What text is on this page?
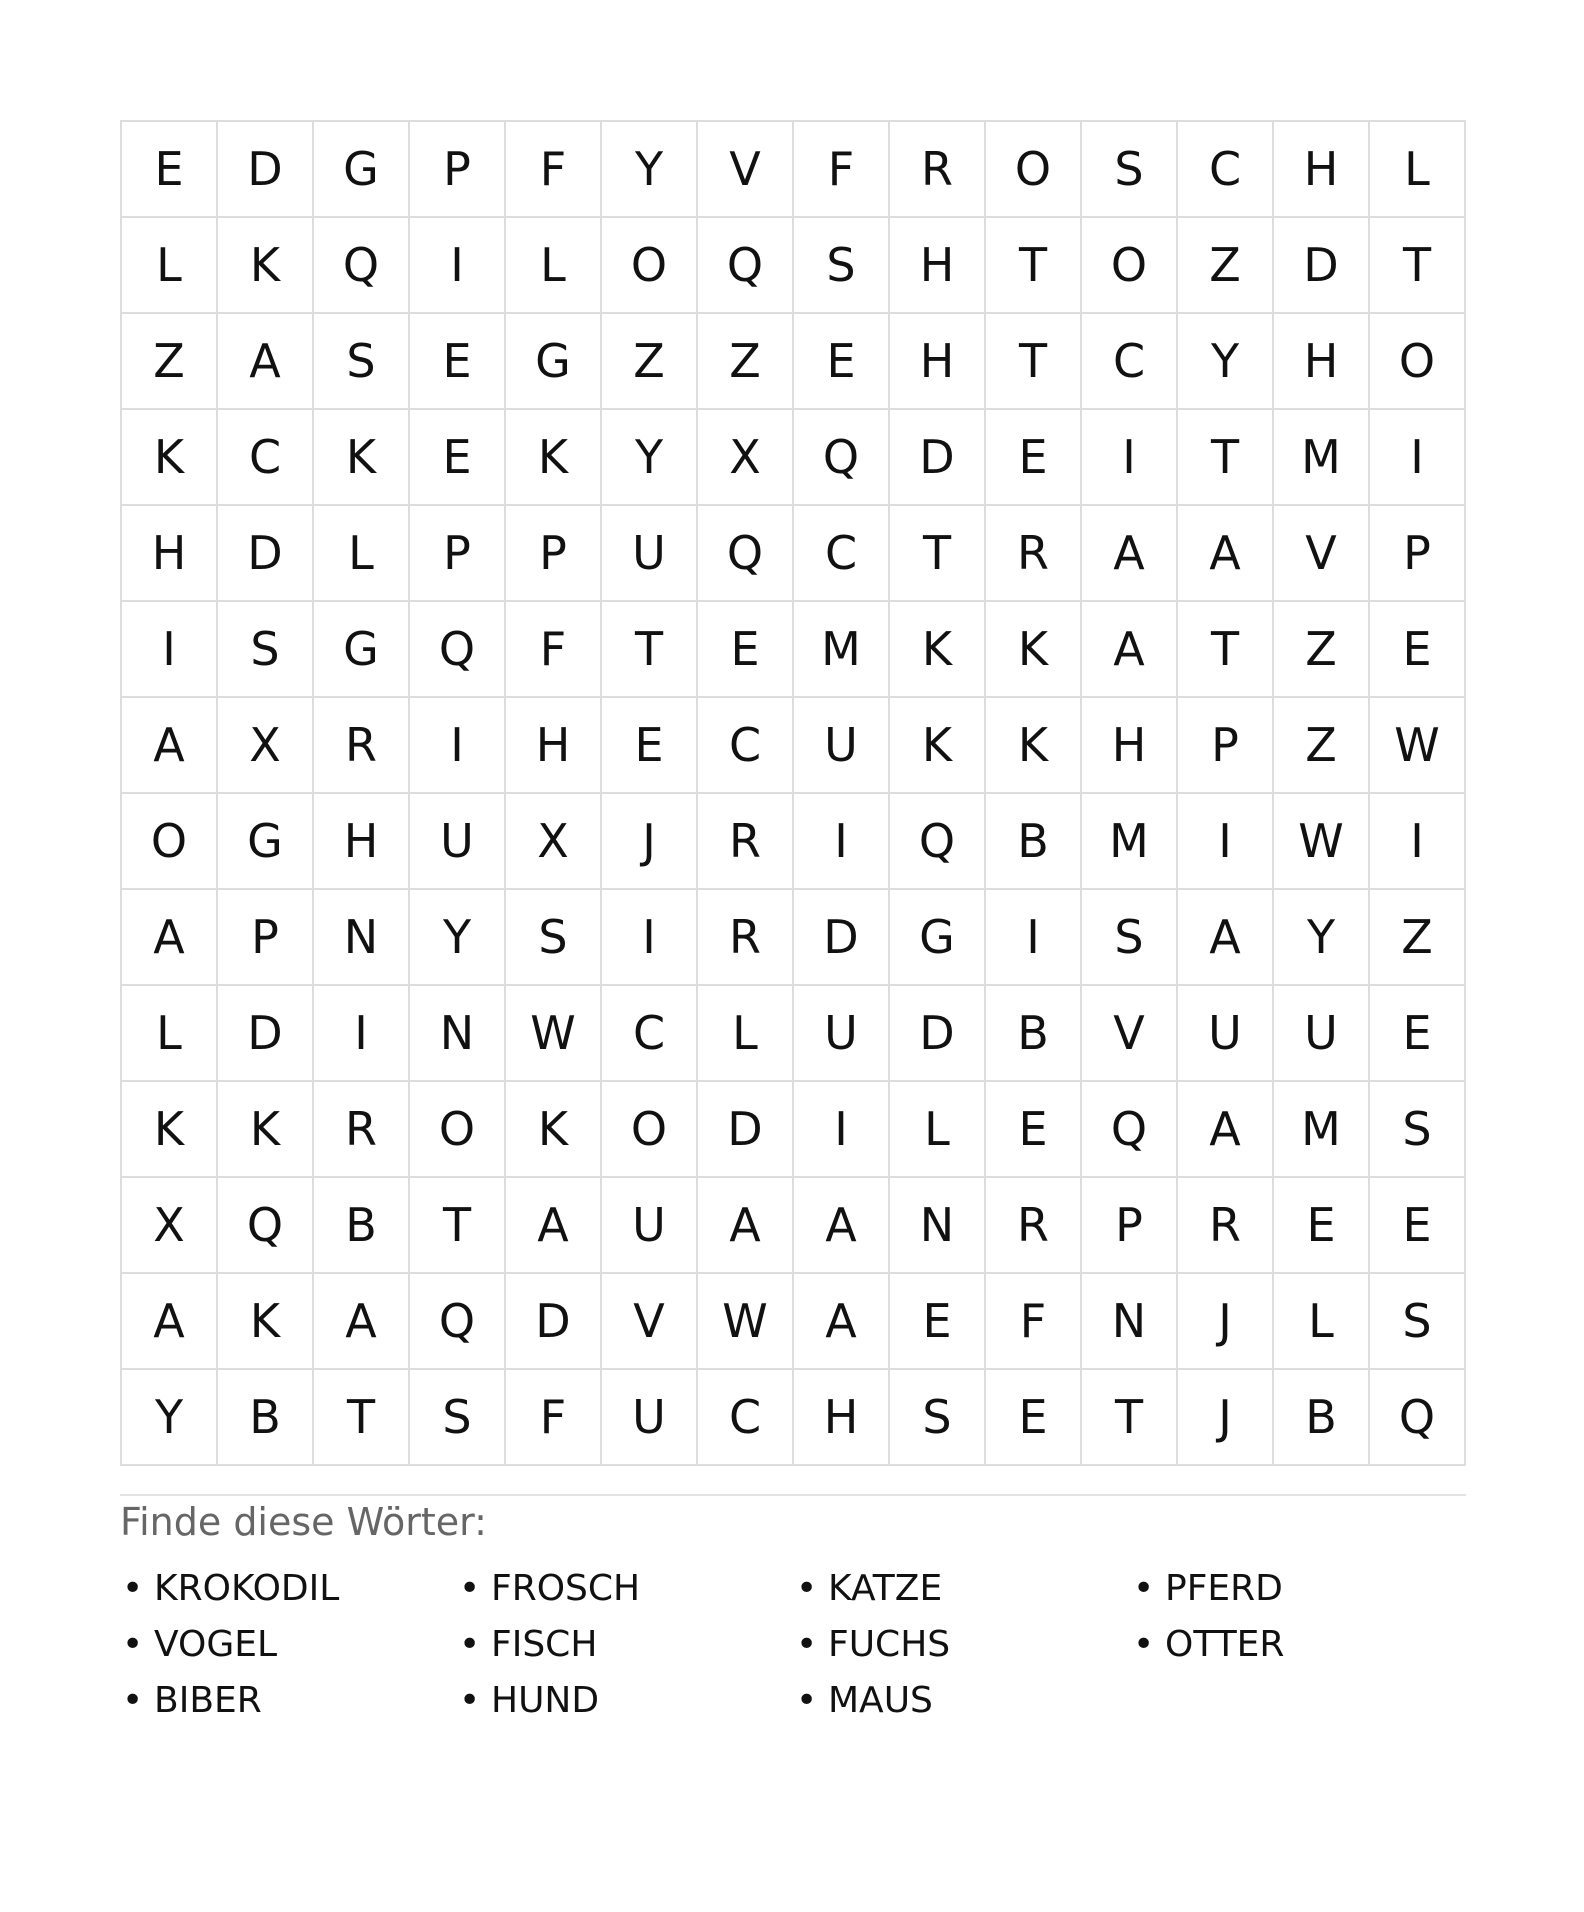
E	D	G	P	F	Y	V	F	R	O	S	C	H	L
L	K	Q	I	L	O	Q	S	H	T	O	Z	D	T
Z	A	S	E	G	Z	Z	E	H	T	C	Y	H	O
K	C	K	E	K	Y	X	Q	D	E	I	T	M	I
H	D	L	P	P	U	Q	C	T	R	A	A	V	P
I	S	G	Q	F	T	E	M	K	K	A	T	Z	E
A	X	R	I	H	E	C	U	K	K	H	P	Z	W
O	G	H	U	X	J	R	I	Q	B	M	I	W	I
A	P	N	Y	S	I	R	D	G	I	S	A	Y	Z
L	D	I	N	W	C	L	U	D	B	V	U	U	E
K	K	R	O	K	O	D	I	L	E	Q	A	M	S
X	Q	B	T	A	U	A	A	N	R	P	R	E	E
A	K	A	Q	D	V	W	A	E	F	N	J	L	S
Y	B	T	S	F	U	C	H	S	E	T	J	B	Q
Finde diese Wörter:
• KROKODIL	• FROSCH	• KATZE	• PFERD
• VOGEL	• FISCH	• FUCHS	• OTTER
• BIBER	• HUND	• MAUS
